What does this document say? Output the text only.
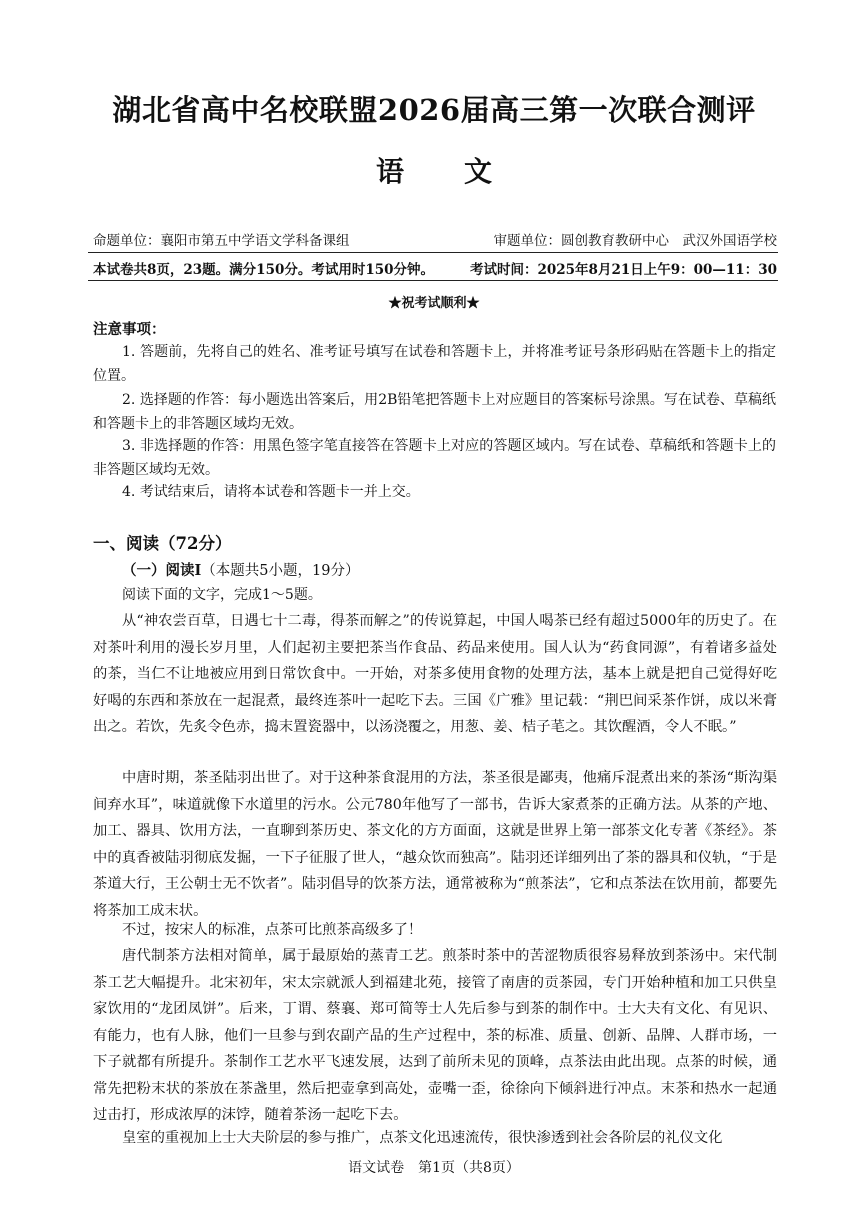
湖北省高中名校联盟2026届高三第一次联合测评
语文
命题单位：襄阳市第五中学语文学科备课组	审题单位：圆创教育教研中心　武汉外国语学校
本试卷共8页，23题。满分150分。考试用时150分钟。	考试时间：2025年8月21日上午9：00—11：30
★祝考试顺利★
注意事项：
1. 答题前，先将自己的姓名、准考证号填写在试卷和答题卡上，并将准考证号条形码贴在答题卡上的指定位置。
2. 选择题的作答：每小题选出答案后，用2B铅笔把答题卡上对应题目的答案标号涂黑。写在试卷、草稿纸和答题卡上的非答题区域均无效。
3. 非选择题的作答：用黑色签字笔直接答在答题卡上对应的答题区域内。写在试卷、草稿纸和答题卡上的非答题区域均无效。
4. 考试结束后，请将本试卷和答题卡一并上交。
一、阅读（72分）
（一）阅读Ⅰ（本题共5小题，19分）
阅读下面的文字，完成1～5题。

从“神农尝百草，日遇七十二毒，得茶而解之”的传说算起，中国人喝茶已经有超过5000年的历史了。在对茶叶利用的漫长岁月里，人们起初主要把茶当作食品、药品来使用。国人认为“药食同源”，有着诸多益处的茶，当仁不让地被应用到日常饮食中。一开始，对茶多使用食物的处理方法，基本上就是把自己觉得好吃好喝的东西和茶放在一起混煮，最终连茶叶一起吃下去。三国《广雅》里记载：“荆巴间采茶作饼，成以米膏出之。若饮，先炙令色赤，捣末置瓷器中，以汤浇覆之，用葱、姜、桔子芼之。其饮醒酒，令人不眠。”

中唐时期，茶圣陆羽出世了。对于这种茶食混用的方法，茶圣很是鄙夷，他痛斥混煮出来的茶汤“斯沟渠间弃水耳”，味道就像下水道里的污水。公元780年他写了一部书，告诉大家煮茶的正确方法。从茶的产地、加工、器具、饮用方法，一直聊到茶历史、茶文化的方方面面，这就是世界上第一部茶文化专著《茶经》。茶中的真香被陆羽彻底发掘，一下子征服了世人，“越众饮而独高”。陆羽还详细列出了茶的器具和仪轨，“于是茶道大行，王公朝士无不饮者”。陆羽倡导的饮茶方法，通常被称为“煎茶法”，它和点茶法在饮用前，都要先将茶加工成末状。

不过，按宋人的标准，点茶可比煎茶高级多了！

唐代制茶方法相对简单，属于最原始的蒸青工艺。煎茶时茶中的苦涩物质很容易释放到茶汤中。宋代制茶工艺大幅提升。北宋初年，宋太宗就派人到福建北苑，接管了南唐的贡茶园，专门开始种植和加工只供皇家饮用的“龙团凤饼”。后来，丁谓、蔡襄、郑可简等士人先后参与到茶的制作中。士大夫有文化、有见识、有能力，也有人脉，他们一旦参与到农副产品的生产过程中，茶的标准、质量、创新、品牌、人群市场，一下子就都有所提升。茶制作工艺水平飞速发展，达到了前所未见的顶峰，点茶法由此出现。点茶的时候，通常先把粉末状的茶放在茶盏里，然后把壶拿到高处，壶嘴一歪，徐徐向下倾斜进行冲点。末茶和热水一起通过击打，形成浓厚的沫饽，随着茶汤一起吃下去。

皇室的重视加上士大夫阶层的参与推广，点茶文化迅速流传，很快渗透到社会各阶层的礼仪文化

语文试卷　第1页（共8页）
